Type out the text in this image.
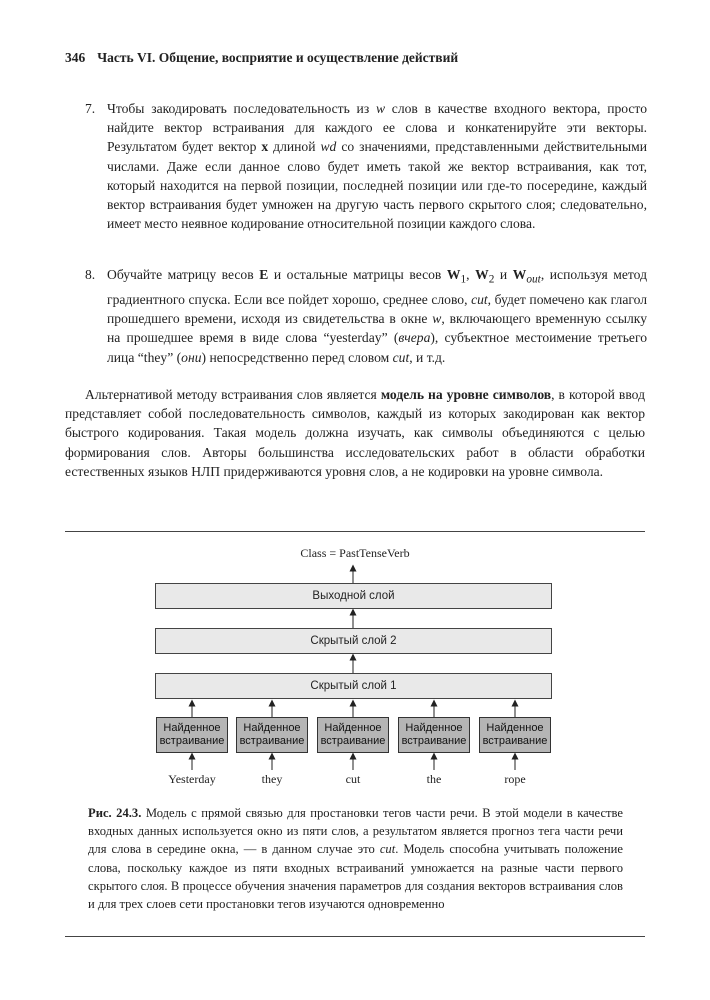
346 Часть VI. Общение, восприятие и осуществление действий
7. Чтобы закодировать последовательность из w слов в качестве входного вектора, просто найдите вектор встраивания для каждого ее слова и конкатенируйте эти векторы. Результатом будет вектор x длиной wd со значениями, представленными действительными числами. Даже если данное слово будет иметь такой же вектор встраивания, как тот, который находится на первой позиции, последней позиции или где-то посередине, каждый вектор встраивания будет умножен на другую часть первого скрытого слоя; следовательно, имеет место неявное кодирование относительной позиции каждого слова.
8. Обучайте матрицу весов E и остальные матрицы весов $W_1$, $W_2$ и $W_{out}$, используя метод градиентного спуска. Если все пойдет хорошо, среднее слово, cut, будет помечено как глагол прошедшего времени, исходя из свидетельства в окне w, включающего временную ссылку на прошедшее время в виде слова “yesterday” (вчера), субъектное местоимение третьего лица “they” (они) непосредственно перед словом cut, и т.д.
Альтернативой методу встраивания слов является модель на уровне символов, в которой ввод представляет собой последовательность символов, каждый из которых закодирован как вектор быстрого кодирования. Такая модель должна изучать, как символы объединяются с целью формирования слов. Авторы большинства исследовательских работ в области обработки естественных языков НЛП придерживаются уровня слов, а не кодировки на уровне символа.
Class = PastTenseVerb
Выходной слой
Скрытый слой 2
Скрытый слой 1
Найденное
встраивание
Найденное
встраивание
Найденное
встраивание
Найденное
встраивание
Найденное
встраивание
Yesterday	they	cut	the	rope
Рис. 24.3. Модель с прямой связью для простановки тегов части речи. В этой модели в качестве входных данных используется окно из пяти слов, а результатом является прогноз тега части речи для слова в середине окна, — в данном случае это cut. Модель способна учитывать положение слова, поскольку каждое из пяти входных встраиваний умножается на разные части первого скрытого слоя. В процессе обучения значения параметров для создания векторов встраивания слов и для трех слоев сети простановки тегов изучаются одновременно
